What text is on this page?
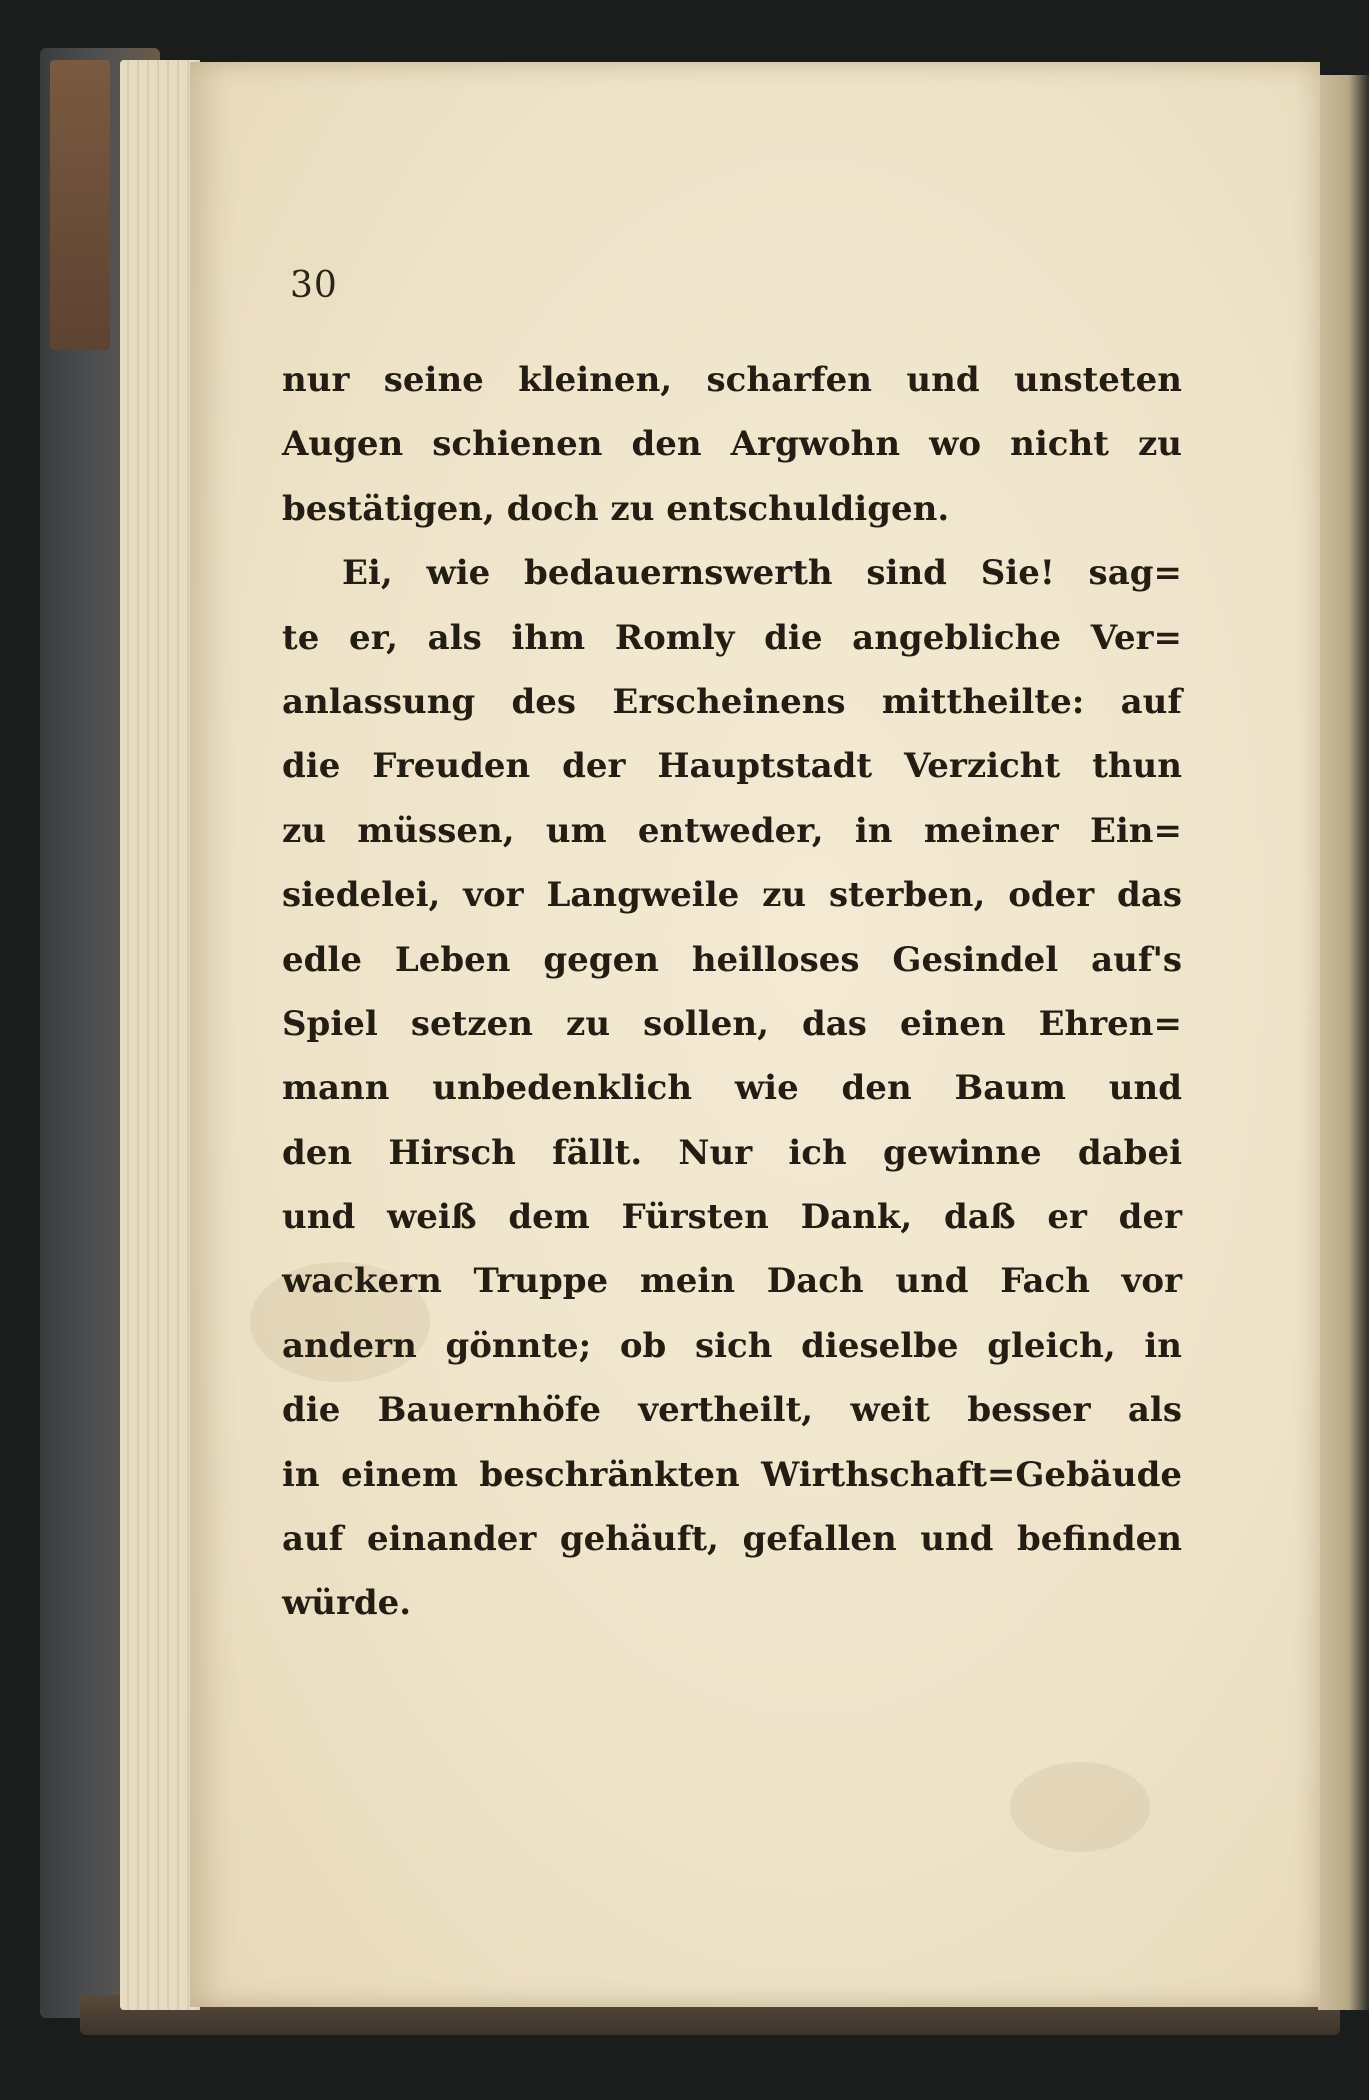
30
nur seine kleinen, scharfen und unsteten
Augen schienen den Argwohn wo nicht zu
bestätigen, doch zu entschuldigen.
Ei, wie bedauernswerth sind Sie! sag=
te er, als ihm Romly die angebliche Ver=
anlassung des Erscheinens mittheilte: auf
die Freuden der Hauptstadt Verzicht thun
zu müssen, um entweder, in meiner Ein=
siedelei, vor Langweile zu sterben, oder das
edle Leben gegen heilloses Gesindel auf's
Spiel setzen zu sollen, das einen Ehren=
mann unbedenklich wie den Baum und
den Hirsch fällt. Nur ich gewinne dabei
und weiß dem Fürsten Dank, daß er der
wackern Truppe mein Dach und Fach vor
andern gönnte; ob sich dieselbe gleich, in
die Bauernhöfe vertheilt, weit besser als
in einem beschränkten Wirthschaft=Gebäude
auf einander gehäuft, gefallen und befinden
würde.
